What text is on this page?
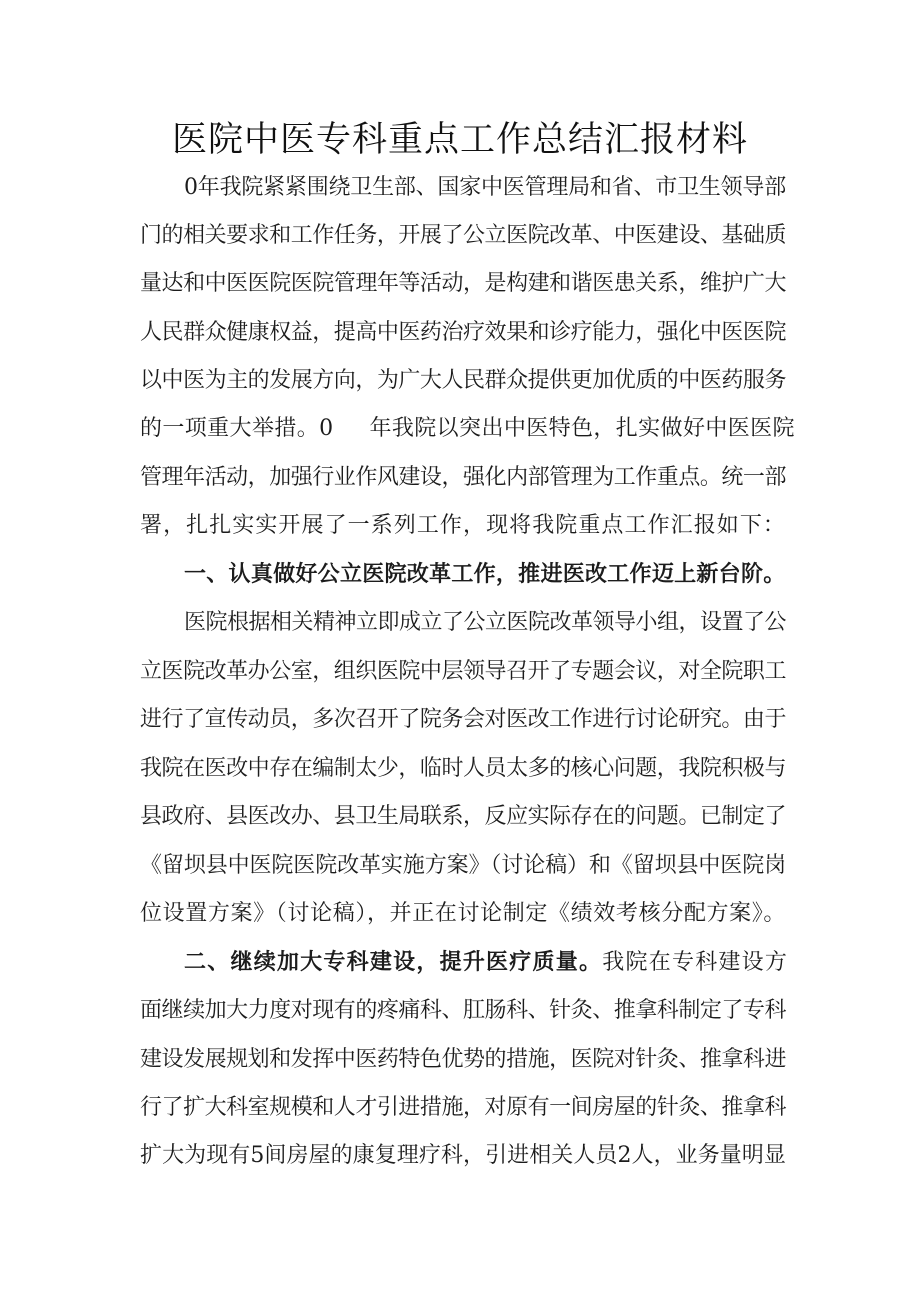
医院中医专科重点工作总结汇报材料
0年我院紧紧围绕卫生部、国家中医管理局和省、市卫生领导部
门的相关要求和工作任务，开展了公立医院改革、中医建设、基础质
量达和中医医院医院管理年等活动，是构建和谐医患关系，维护广大
人民群众健康权益，提高中医药治疗效果和诊疗能力，强化中医医院
以中医为主的发展方向，为广大人民群众提供更加优质的中医药服务
的一项重大举措。0 年我院以突出中医特色，扎实做好中医医院
管理年活动，加强行业作风建设，强化内部管理为工作重点。统一部
署，扎扎实实开展了一系列工作，现将我院重点工作汇报如下：
一、认真做好公立医院改革工作，推进医改工作迈上新台阶。
医院根据相关精神立即成立了公立医院改革领导小组，设置了公
立医院改革办公室，组织医院中层领导召开了专题会议，对全院职工
进行了宣传动员，多次召开了院务会对医改工作进行讨论研究。由于
我院在医改中存在编制太少，临时人员太多的核心问题，我院积极与
县政府、县医改办、县卫生局联系，反应实际存在的问题。已制定了
《留坝县中医院医院改革实施方案》（讨论稿）和《留坝县中医院岗
位设置方案》（讨论稿），并正在讨论制定《绩效考核分配方案》。
二、继续加大专科建设，提升医疗质量。我院在专科建设方
面继续加大力度对现有的疼痛科、肛肠科、针灸、推拿科制定了专科
建设发展规划和发挥中医药特色优势的措施，医院对针灸、推拿科进
行了扩大科室规模和人才引进措施，对原有一间房屋的针灸、推拿科
扩大为现有5间房屋的康复理疗科，引进相关人员2人，业务量明显
